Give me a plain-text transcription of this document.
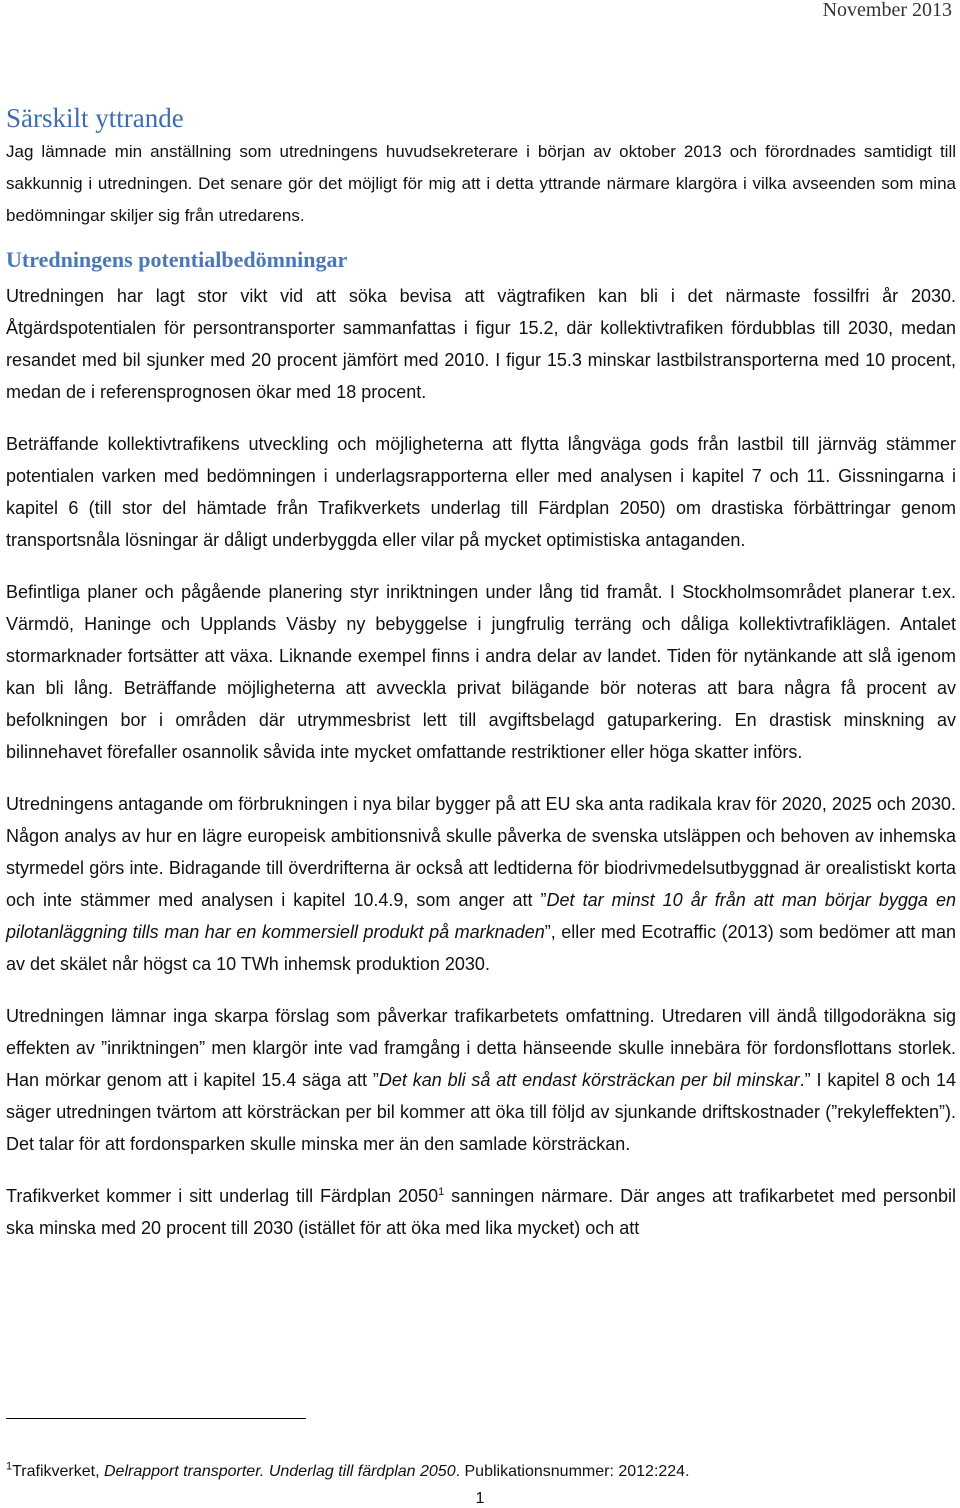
November 2013
Särskilt yttrande

Jag lämnade min anställning som utredningens huvudsekreterare i början av oktober 2013 och förordnades samtidigt till sakkunnig i utredningen. Det senare gör det möjligt för mig att i detta yttrande närmare klargöra i vilka avseenden som mina bedömningar skiljer sig från utredarens.

Utredningens potentialbedömningar

Utredningen har lagt stor vikt vid att söka bevisa att vägtrafiken kan bli i det närmaste fossilfri år 2030. Åtgärdspotentialen för persontransporter sammanfattas i figur 15.2, där kollektivtrafiken fördubblas till 2030, medan resandet med bil sjunker med 20 procent jämfört med 2010. I figur 15.3 minskar lastbilstransporterna med 10 procent, medan de i referensprognosen ökar med 18 procent.

Beträffande kollektivtrafikens utveckling och möjligheterna att flytta långväga gods från lastbil till järnväg stämmer potentialen varken med bedömningen i underlagsrapporterna eller med analysen i kapitel 7 och 11. Gissningarna i kapitel 6 (till stor del hämtade från Trafikverkets underlag till Färdplan 2050) om drastiska förbättringar genom transportsnåla lösningar är dåligt underbyggda eller vilar på mycket optimistiska antaganden.

Befintliga planer och pågående planering styr inriktningen under lång tid framåt. I Stockholmsområdet planerar t.ex. Värmdö, Haninge och Upplands Väsby ny bebyggelse i jungfrulig terräng och dåliga kollektivtrafiklägen. Antalet stormarknader fortsätter att växa. Liknande exempel finns i andra delar av landet. Tiden för nytänkande att slå igenom kan bli lång. Beträffande möjligheterna att avveckla privat bilägande bör noteras att bara några få procent av befolkningen bor i områden där utrymmesbrist lett till avgiftsbelagd gatuparkering. En drastisk minskning av bilinnehavet förefaller osannolik såvida inte mycket omfattande restriktioner eller höga skatter införs.

Utredningens antagande om förbrukningen i nya bilar bygger på att EU ska anta radikala krav för 2020, 2025 och 2030. Någon analys av hur en lägre europeisk ambitionsnivå skulle påverka de svenska utsläppen och behoven av inhemska styrmedel görs inte. Bidragande till överdrifterna är också att ledtiderna för biodrivmedelsutbyggnad är orealistiskt korta och inte stämmer med analysen i kapitel 10.4.9, som anger att ”Det tar minst 10 år från att man börjar bygga en pilotanläggning tills man har en kommersiell produkt på marknaden”, eller med Ecotraffic (2013) som bedömer att man av det skälet når högst ca 10 TWh inhemsk produktion 2030.

Utredningen lämnar inga skarpa förslag som påverkar trafikarbetets omfattning. Utredaren vill ändå tillgodoräkna sig effekten av ”inriktningen” men klargör inte vad framgång i detta hänseende skulle innebära för fordonsflottans storlek. Han mörkar genom att i kapitel 15.4 säga att ”Det kan bli så att endast körsträckan per bil minskar.” I kapitel 8 och 14 säger utredningen tvärtom att körsträckan per bil kommer att öka till följd av sjunkande driftskostnader (”rekyleffekten”). Det talar för att fordonsparken skulle minska mer än den samlade körsträckan.

Trafikverket kommer i sitt underlag till Färdplan 2050$^1$ sanningen närmare. Där anges att trafikarbetet med personbil ska minska med 20 procent till 2030 (istället för att öka med lika mycket) och att

$^1$Trafikverket, Delrapport transporter. Underlag till färdplan 2050. Publikationsnummer: 2012:224.
1
